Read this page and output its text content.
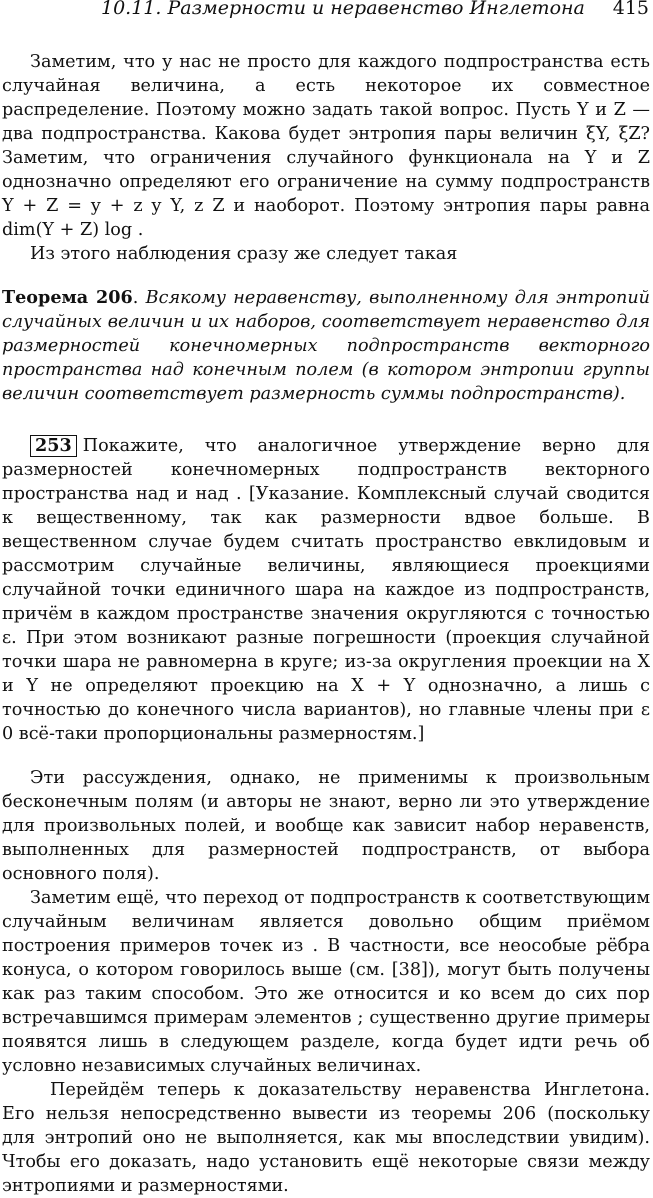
10.11. Размерности и неравенство Инглетона 415

Заметим, что у нас не просто для каждого подпространства есть случайная величина, а есть некоторое их совместное распределение. Поэтому можно задать такой вопрос. Пусть Y и Z — два подпространства. Какова будет энтропия пары величин ξY, ξZ? Заметим, что ограничения случайного функционала на Y и Z однозначно определяют его ограничение на сумму подпространств Y + Z = y + z y Y, z Z и наоборот. Поэтому энтропия пары равна dim(Y + Z) log .

Из этого наблюдения сразу же следует такая

Теорема 206. Всякому неравенству, выполненному для энтропий случайных величин и их наборов, соответствует неравенство для размерностей конечномерных подпространств векторного пространства над конечным полем (в котором энтропии группы величин соответствует размерность суммы подпространств).

253 Покажите, что аналогичное утверждение верно для размерностей конечномерных подпространств векторного пространства над и над . [Указание. Комплексный случай сводится к вещественному, так как размерности вдвое больше. В вещественном случае будем считать пространство евклидовым и рассмотрим случайные величины, являющиеся проекциями случайной точки единичного шара на каждое из подпространств, причём в каждом пространстве значения округляются с точностью ε. При этом возникают разные погрешности (проекция случайной точки шара не равномерна в круге; из-за округления проекции на X и Y не определяют проекцию на X + Y однозначно, а лишь с точностью до конечного числа вариантов), но главные члены при ε 0 всё-таки пропорциональны размерностям.]

Эти рассуждения, однако, не применимы к произвольным бесконечным полям (и авторы не знают, верно ли это утверждение для произвольных полей, и вообще как зависит набор неравенств, выполненных для размерностей подпространств, от выбора основного поля).

Заметим ещё, что переход от подпространств к соответствующим случайным величинам является довольно общим приёмом построения примеров точек из . В частности, все неособые рёбра конуса, о котором говорилось выше (см. [38]), могут быть получены как раз таким способом. Это же относится и ко всем до сих пор встречавшимся примерам элементов ; существенно другие примеры появятся лишь в следующем разделе, когда будет идти речь об условно независимых случайных величинах.

Перейдём теперь к доказательству неравенства Инглетона. Его нельзя непосредственно вывести из теоремы 206 (поскольку для энтропий оно не выполняется, как мы впоследствии увидим). Чтобы его доказать, надо установить ещё некоторые связи между энтропиями и размерностями.
